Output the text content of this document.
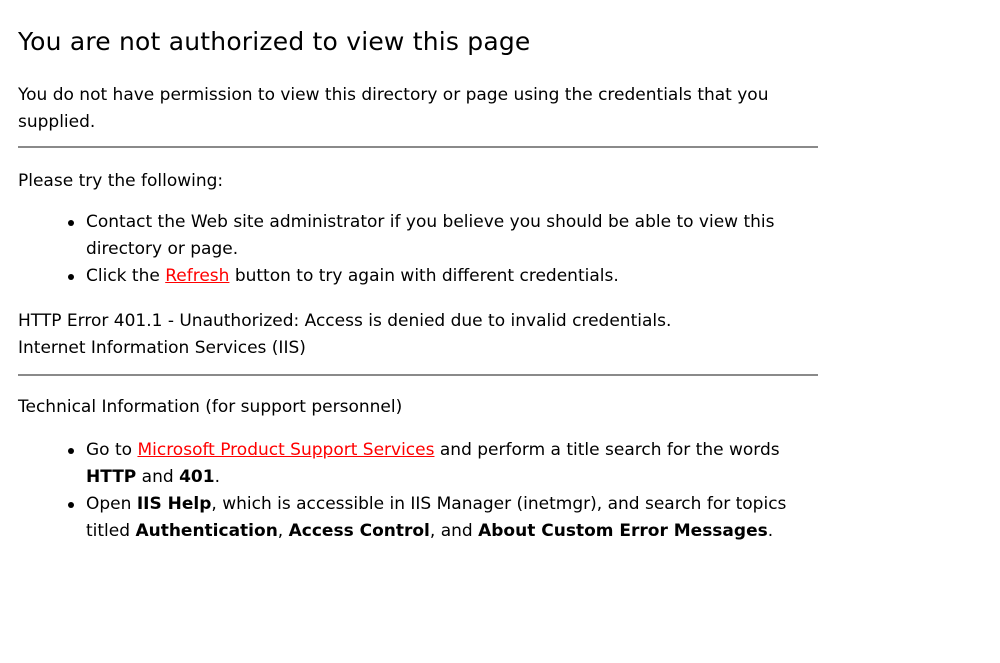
You are not authorized to view this page

You do not have permission to view this directory or page using the credentials that you supplied.

Please try the following:

Contact the Web site administrator if you believe you should be able to view this directory or page.
Click the Refresh button to try again with different credentials.

HTTP Error 401.1 - Unauthorized: Access is denied due to invalid credentials.

Internet Information Services (IIS)

Technical Information (for support personnel)

Go to Microsoft Product Support Services and perform a title search for the words HTTP and 401.
Open IIS Help, which is accessible in IIS Manager (inetmgr), and search for topics titled Authentication, Access Control, and About Custom Error Messages.
